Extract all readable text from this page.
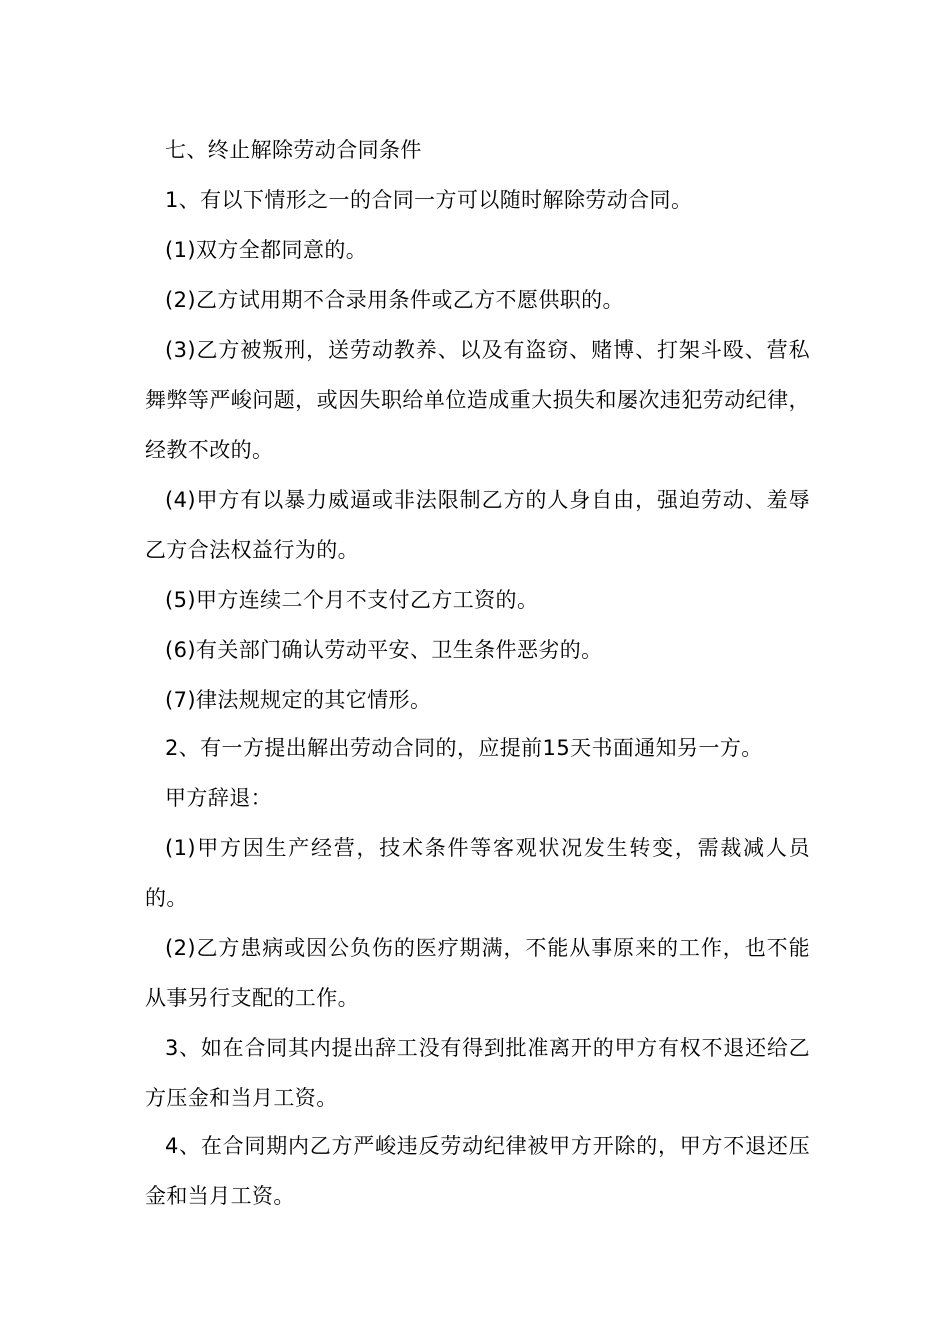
七、终止解除劳动合同条件

1、有以下情形之一的合同一方可以随时解除劳动合同。

(1)双方全都同意的。

(2)乙方试用期不合录用条件或乙方不愿供职的。

(3)乙方被叛刑，送劳动教养、以及有盗窃、赌博、打架斗殴、营私舞弊等严峻问题，或因失职给单位造成重大损失和屡次违犯劳动纪律，经教不改的。

(4)甲方有以暴力威逼或非法限制乙方的人身自由，强迫劳动、羞辱乙方合法权益行为的。

(5)甲方连续二个月不支付乙方工资的。

(6)有关部门确认劳动平安、卫生条件恶劣的。

(7)律法规规定的其它情形。

2、有一方提出解出劳动合同的，应提前15天书面通知另一方。

甲方辞退：

(1)甲方因生产经营，技术条件等客观状况发生转变，需裁减人员的。

(2)乙方患病或因公负伤的医疗期满，不能从事原来的工作，也不能从事另行支配的工作。

3、如在合同其内提出辞工没有得到批准离开的甲方有权不退还给乙方压金和当月工资。

4、在合同期内乙方严峻违反劳动纪律被甲方开除的，甲方不退还压金和当月工资。
